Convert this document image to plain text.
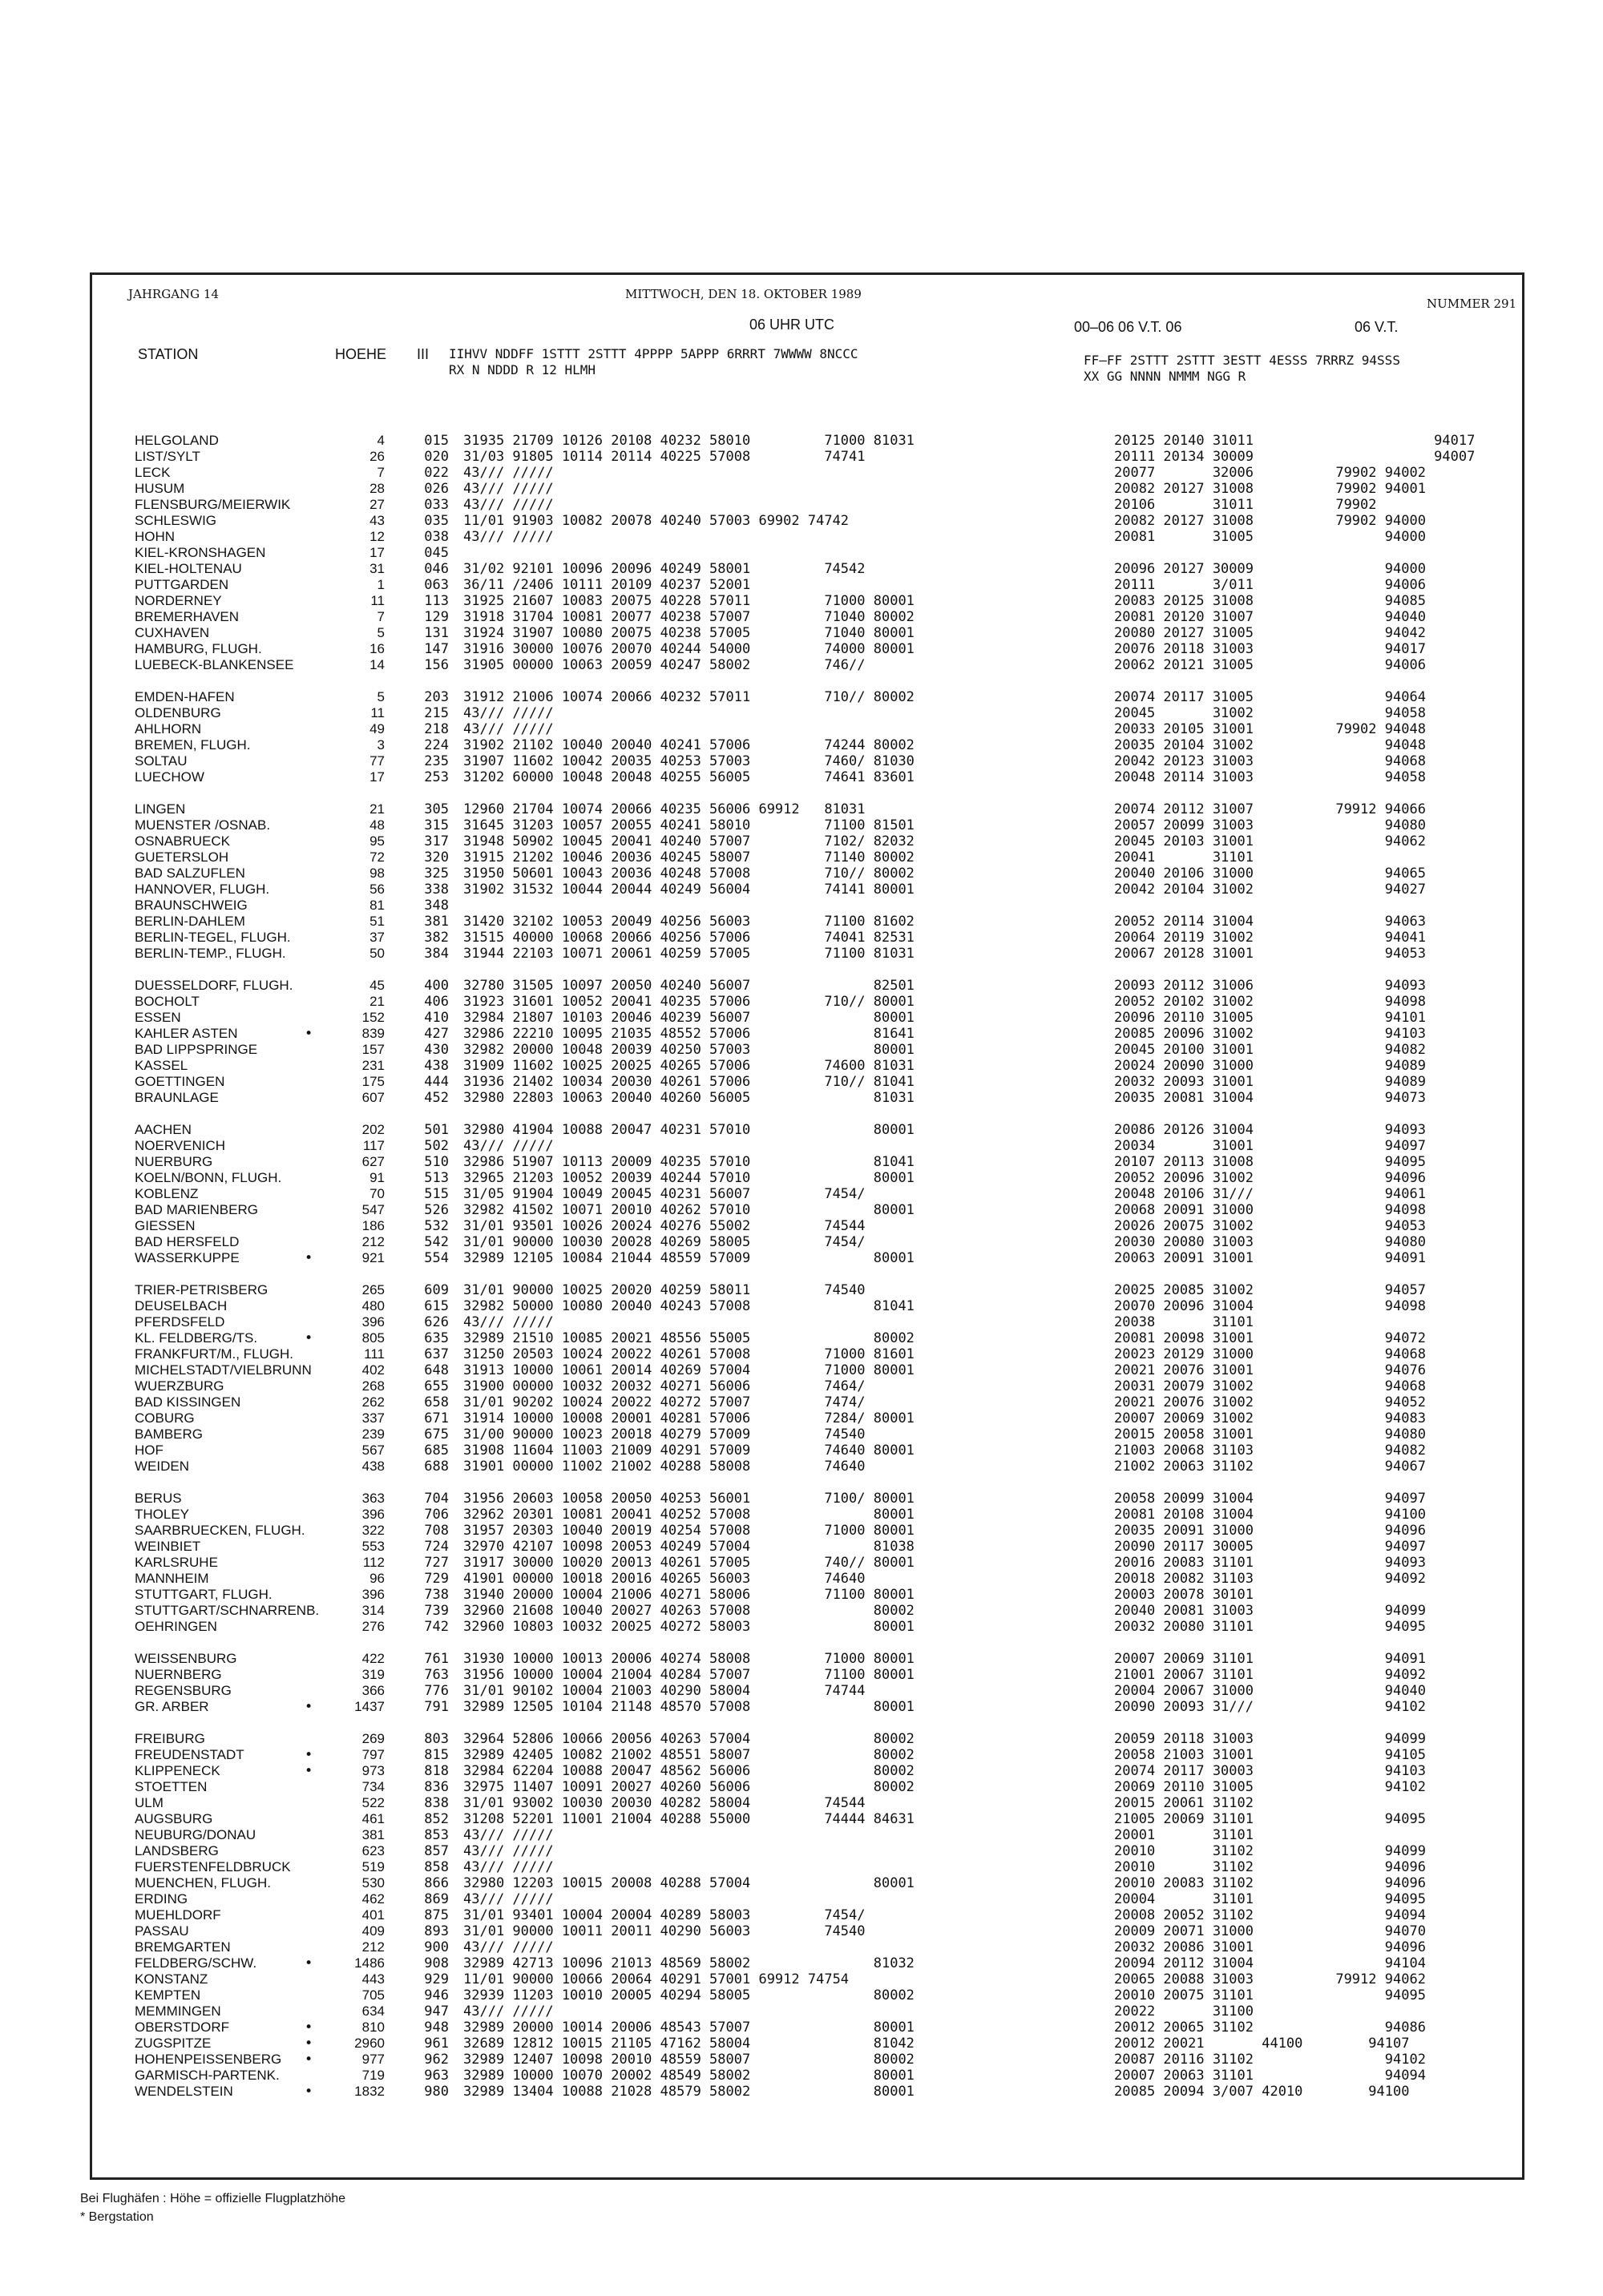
JAHRGANG 14	MITTWOCH, DEN 18. OKTOBER 1989
NUMMER 291
06 UHR UTC	00–06 06 V.T. 06	06 V.T.
STATION	HOEHE III IIHVV NDDFF 1STTT 2STTT 4PPPP 5APPP 6RRRT 7WWWW 8NCCC
RX N NDDD R 12 HLMH
FF–FF 2STTT 2STTT 3ESTT 4ESSS 7RRRZ 94SSS
XX GG NNNN NMMM NGG R
HELGOLAND	4	015 31935 21709 10126 20108 40232 58010         71000 81031	20125 20140 31011                      94017
LIST/SYLT	26	020 31/03 91805 10114 20114 40225 57008         74741	20111 20134 30009                      94007
LECK	7	022 43/// /////	20077       32006          79902 94002
HUSUM	28	026 43/// /////	20082 20127 31008          79902 94001
FLENSBURG/MEIERWIK	27	033 43/// /////	20106       31011          79902
SCHLESWIG	43	035 11/01 91903 10082 20078 40240 57003 69902 74742	20082 20127 31008          79902 94000
HOHN	12	038 43/// /////	20081       31005                94000
KIEL-KRONSHAGEN	17	045
KIEL-HOLTENAU	31	046 31/02 92101 10096 20096 40249 58001         74542	20096 20127 30009                94000
PUTTGARDEN	1	063 36/11 /2406 10111 20109 40237 52001	20111       3/011                94006
NORDERNEY	11	113 31925 21607 10083 20075 40228 57011         71000 80001	20083 20125 31008                94085
BREMERHAVEN	7	129 31918 31704 10081 20077 40238 57007         71040 80002	20081 20120 31007                94040
CUXHAVEN	5	131 31924 31907 10080 20075 40238 57005         71040 80001	20080 20127 31005                94042
HAMBURG, FLUGH.	16	147 31916 30000 10076 20070 40244 54000         74000 80001	20076 20118 31003                94017
LUEBECK-BLANKENSEE	14	156 31905 00000 10063 20059 40247 58002         746//	20062 20121 31005                94006
EMDEN-HAFEN	5	203 31912 21006 10074 20066 40232 57011         710// 80002	20074 20117 31005                94064
OLDENBURG	11	215 43/// /////	20045       31002                94058
AHLHORN	49	218 43/// /////	20033 20105 31001          79902 94048
BREMEN, FLUGH.	3	224 31902 21102 10040 20040 40241 57006         74244 80002	20035 20104 31002                94048
SOLTAU	77	235 31907 11602 10042 20035 40253 57003         7460/ 81030	20042 20123 31003                94068
LUECHOW	17	253 31202 60000 10048 20048 40255 56005         74641 83601	20048 20114 31003                94058
LINGEN	21	305 12960 21704 10074 20066 40235 56006 69912   81031	20074 20112 31007          79912 94066
MUENSTER /OSNAB.	48	315 31645 31203 10057 20055 40241 58010         71100 81501	20057 20099 31003                94080
OSNABRUECK	95	317 31948 50902 10045 20041 40240 57007         7102/ 82032	20045 20103 31001                94062
GUETERSLOH	72	320 31915 21202 10046 20036 40245 58007         71140 80002	20041       31101
BAD SALZUFLEN	98	325 31950 50601 10043 20036 40248 57008         710// 80002	20040 20106 31000                94065
HANNOVER, FLUGH.	56	338 31902 31532 10044 20044 40249 56004         74141 80001	20042 20104 31002                94027
BRAUNSCHWEIG	81	348
BERLIN-DAHLEM	51	381 31420 32102 10053 20049 40256 56003         71100 81602	20052 20114 31004                94063
BERLIN-TEGEL, FLUGH.	37	382 31515 40000 10068 20066 40256 57006         74041 82531	20064 20119 31002                94041
BERLIN-TEMP., FLUGH.	50	384 31944 22103 10071 20061 40259 57005         71100 81031	20067 20128 31001                94053
DUESSELDORF, FLUGH.	45	400 32780 31505 10097 20050 40240 56007               82501	20093 20112 31006                94093
BOCHOLT	21	406 31923 31601 10052 20041 40235 57006         710// 80001	20052 20102 31002                94098
ESSEN	152	410 32984 21807 10103 20046 40239 56007               80001	20096 20110 31005                94101
KAHLER ASTEN	•	839	427 32986 22210 10095 21035 48552 57006               81641	20085 20096 31002                94103
BAD LIPPSPRINGE	157	430 32982 20000 10048 20039 40250 57003               80001	20045 20100 31001                94082
KASSEL	231	438 31909 11602 10025 20025 40265 57006         74600 81031	20024 20090 31000                94089
GOETTINGEN	175	444 31936 21402 10034 20030 40261 57006         710// 81041	20032 20093 31001                94089
BRAUNLAGE	607	452 32980 22803 10063 20040 40260 56005               81031	20035 20081 31004                94073
AACHEN	202	501 32980 41904 10088 20047 40231 57010               80001	20086 20126 31004                94093
NOERVENICH	117	502 43/// /////	20034       31001                94097
NUERBURG	627	510 32986 51907 10113 20009 40235 57010               81041	20107 20113 31008                94095
KOELN/BONN, FLUGH.	91	513 32965 21203 10052 20039 40244 57010               80001	20052 20096 31002                94096
KOBLENZ	70	515 31/05 91904 10049 20045 40231 56007         7454/	20048 20106 31///                94061
BAD MARIENBERG	547	526 32982 41502 10071 20010 40262 57010               80001	20068 20091 31000                94098
GIESSEN	186	532 31/01 93501 10026 20024 40276 55002         74544	20026 20075 31002                94053
BAD HERSFELD	212	542 31/01 90000 10030 20028 40269 58005         7454/	20030 20080 31003                94080
WASSERKUPPE	•	921	554 32989 12105 10084 21044 48559 57009               80001	20063 20091 31001                94091
TRIER-PETRISBERG	265	609 31/01 90000 10025 20020 40259 58011         74540	20025 20085 31002                94057
DEUSELBACH	480	615 32982 50000 10080 20040 40243 57008               81041	20070 20096 31004                94098
PFERDSFELD	396	626 43/// /////	20038       31101
KL. FELDBERG/TS.	•	805	635 32989 21510 10085 20021 48556 55005               80002	20081 20098 31001                94072
FRANKFURT/M., FLUGH.	111	637 31250 20503 10024 20022 40261 57008         71000 81601	20023 20129 31000                94068
MICHELSTADT/VIELBRUNN	402	648 31913 10000 10061 20014 40269 57004         71000 80001	20021 20076 31001                94076
WUERZBURG	268	655 31900 00000 10032 20032 40271 56006         7464/	20031 20079 31002                94068
BAD KISSINGEN	262	658 31/01 90202 10024 20022 40272 57007         7474/	20021 20076 31002                94052
COBURG	337	671 31914 10000 10008 20001 40281 57006         7284/ 80001	20007 20069 31002                94083
BAMBERG	239	675 31/00 90000 10023 20018 40279 57009         74540	20015 20058 31001                94080
HOF	567	685 31908 11604 11003 21009 40291 57009         74640 80001	21003 20068 31103                94082
WEIDEN	438	688 31901 00000 11002 21002 40288 58008         74640	21002 20063 31102                94067
BERUS	363	704 31956 20603 10058 20050 40253 56001         7100/ 80001	20058 20099 31004                94097
THOLEY	396	706 32962 20301 10081 20041 40252 57008               80001	20081 20108 31004                94100
SAARBRUECKEN, FLUGH.	322	708 31957 20303 10040 20019 40254 57008         71000 80001	20035 20091 31000                94096
WEINBIET	553	724 32970 42107 10098 20053 40249 57004               81038	20090 20117 30005                94097
KARLSRUHE	112	727 31917 30000 10020 20013 40261 57005         740// 80001	20016 20083 31101                94093
MANNHEIM	96	729 41901 00000 10018 20016 40265 56003         74640	20018 20082 31103                94092
STUTTGART, FLUGH.	396	738 31940 20000 10004 21006 40271 58006         71100 80001	20003 20078 30101
STUTTGART/SCHNARRENB.	314	739 32960 21608 10040 20027 40263 57008               80002	20040 20081 31003                94099
OEHRINGEN	276	742 32960 10803 10032 20025 40272 58003               80001	20032 20080 31101                94095
WEISSENBURG	422	761 31930 10000 10013 20006 40274 58008         71000 80001	20007 20069 31101                94091
NUERNBERG	319	763 31956 10000 10004 21004 40284 57007         71100 80001	21001 20067 31101                94092
REGENSBURG	366	776 31/01 90102 10004 21003 40290 58004         74744	20004 20067 31000                94040
GR. ARBER	•	1437	791 32989 12505 10104 21148 48570 57008               80001	20090 20093 31///                94102
FREIBURG	269	803 32964 52806 10066 20056 40263 57004               80002	20059 20118 31003                94099
FREUDENSTADT	•	797	815 32989 42405 10082 21002 48551 58007               80002	20058 21003 31001                94105
KLIPPENECK	•	973	818 32984 62204 10088 20047 48562 56006               80002	20074 20117 30003                94103
STOETTEN	734	836 32975 11407 10091 20027 40260 56006               80002	20069 20110 31005                94102
ULM	522	838 31/01 93002 10030 20030 40282 58004         74544	20015 20061 31102
AUGSBURG	461	852 31208 52201 11001 21004 40288 55000         74444 84631	21005 20069 31101                94095
NEUBURG/DONAU	381	853 43/// /////	20001       31101
LANDSBERG	623	857 43/// /////	20010       31102                94099
FUERSTENFELDBRUCK	519	858 43/// /////	20010       31102                94096
MUENCHEN, FLUGH.	530	866 32980 12203 10015 20008 40288 57004               80001	20010 20083 31102                94096
ERDING	462	869 43/// /////	20004       31101                94095
MUEHLDORF	401	875 31/01 93401 10004 20004 40289 58003         7454/	20008 20052 31102                94094
PASSAU	409	893 31/01 90000 10011 20011 40290 56003         74540	20009 20071 31000                94070
BREMGARTEN	212	900 43/// /////	20032 20086 31001                94096
FELDBERG/SCHW.	•	1486	908 32989 42713 10096 21013 48569 58002               81032	20094 20112 31004                94104
KONSTANZ	443	929 11/01 90000 10066 20064 40291 57001 69912 74754	20065 20088 31003          79912 94062
KEMPTEN	705	946 32939 11203 10010 20005 40294 58005               80002	20010 20075 31101                94095
MEMMINGEN	634	947 43/// /////	20022       31100
OBERSTDORF	•	810	948 32989 20000 10014 20006 48543 57007               80001	20012 20065 31102                94086
ZUGSPITZE	•	2960	961 32689 12812 10015 21105 47162 58004               81042	20012 20021       44100        94107
HOHENPEISSENBERG •	977	962 32989 12407 10098 20010 48559 58007               80002	20087 20116 31102                94102
GARMISCH-PARTENK.	719	963 32989 10000 10070 20002 48549 58002               80001	20007 20063 31101                94094
WENDELSTEIN	•	1832	980 32989 13404 10088 21028 48579 58002               80001	20085 20094 3/007 42010        94100
Bei Flughäfen : Höhe = offizielle Flugplatzhöhe
* Bergstation
